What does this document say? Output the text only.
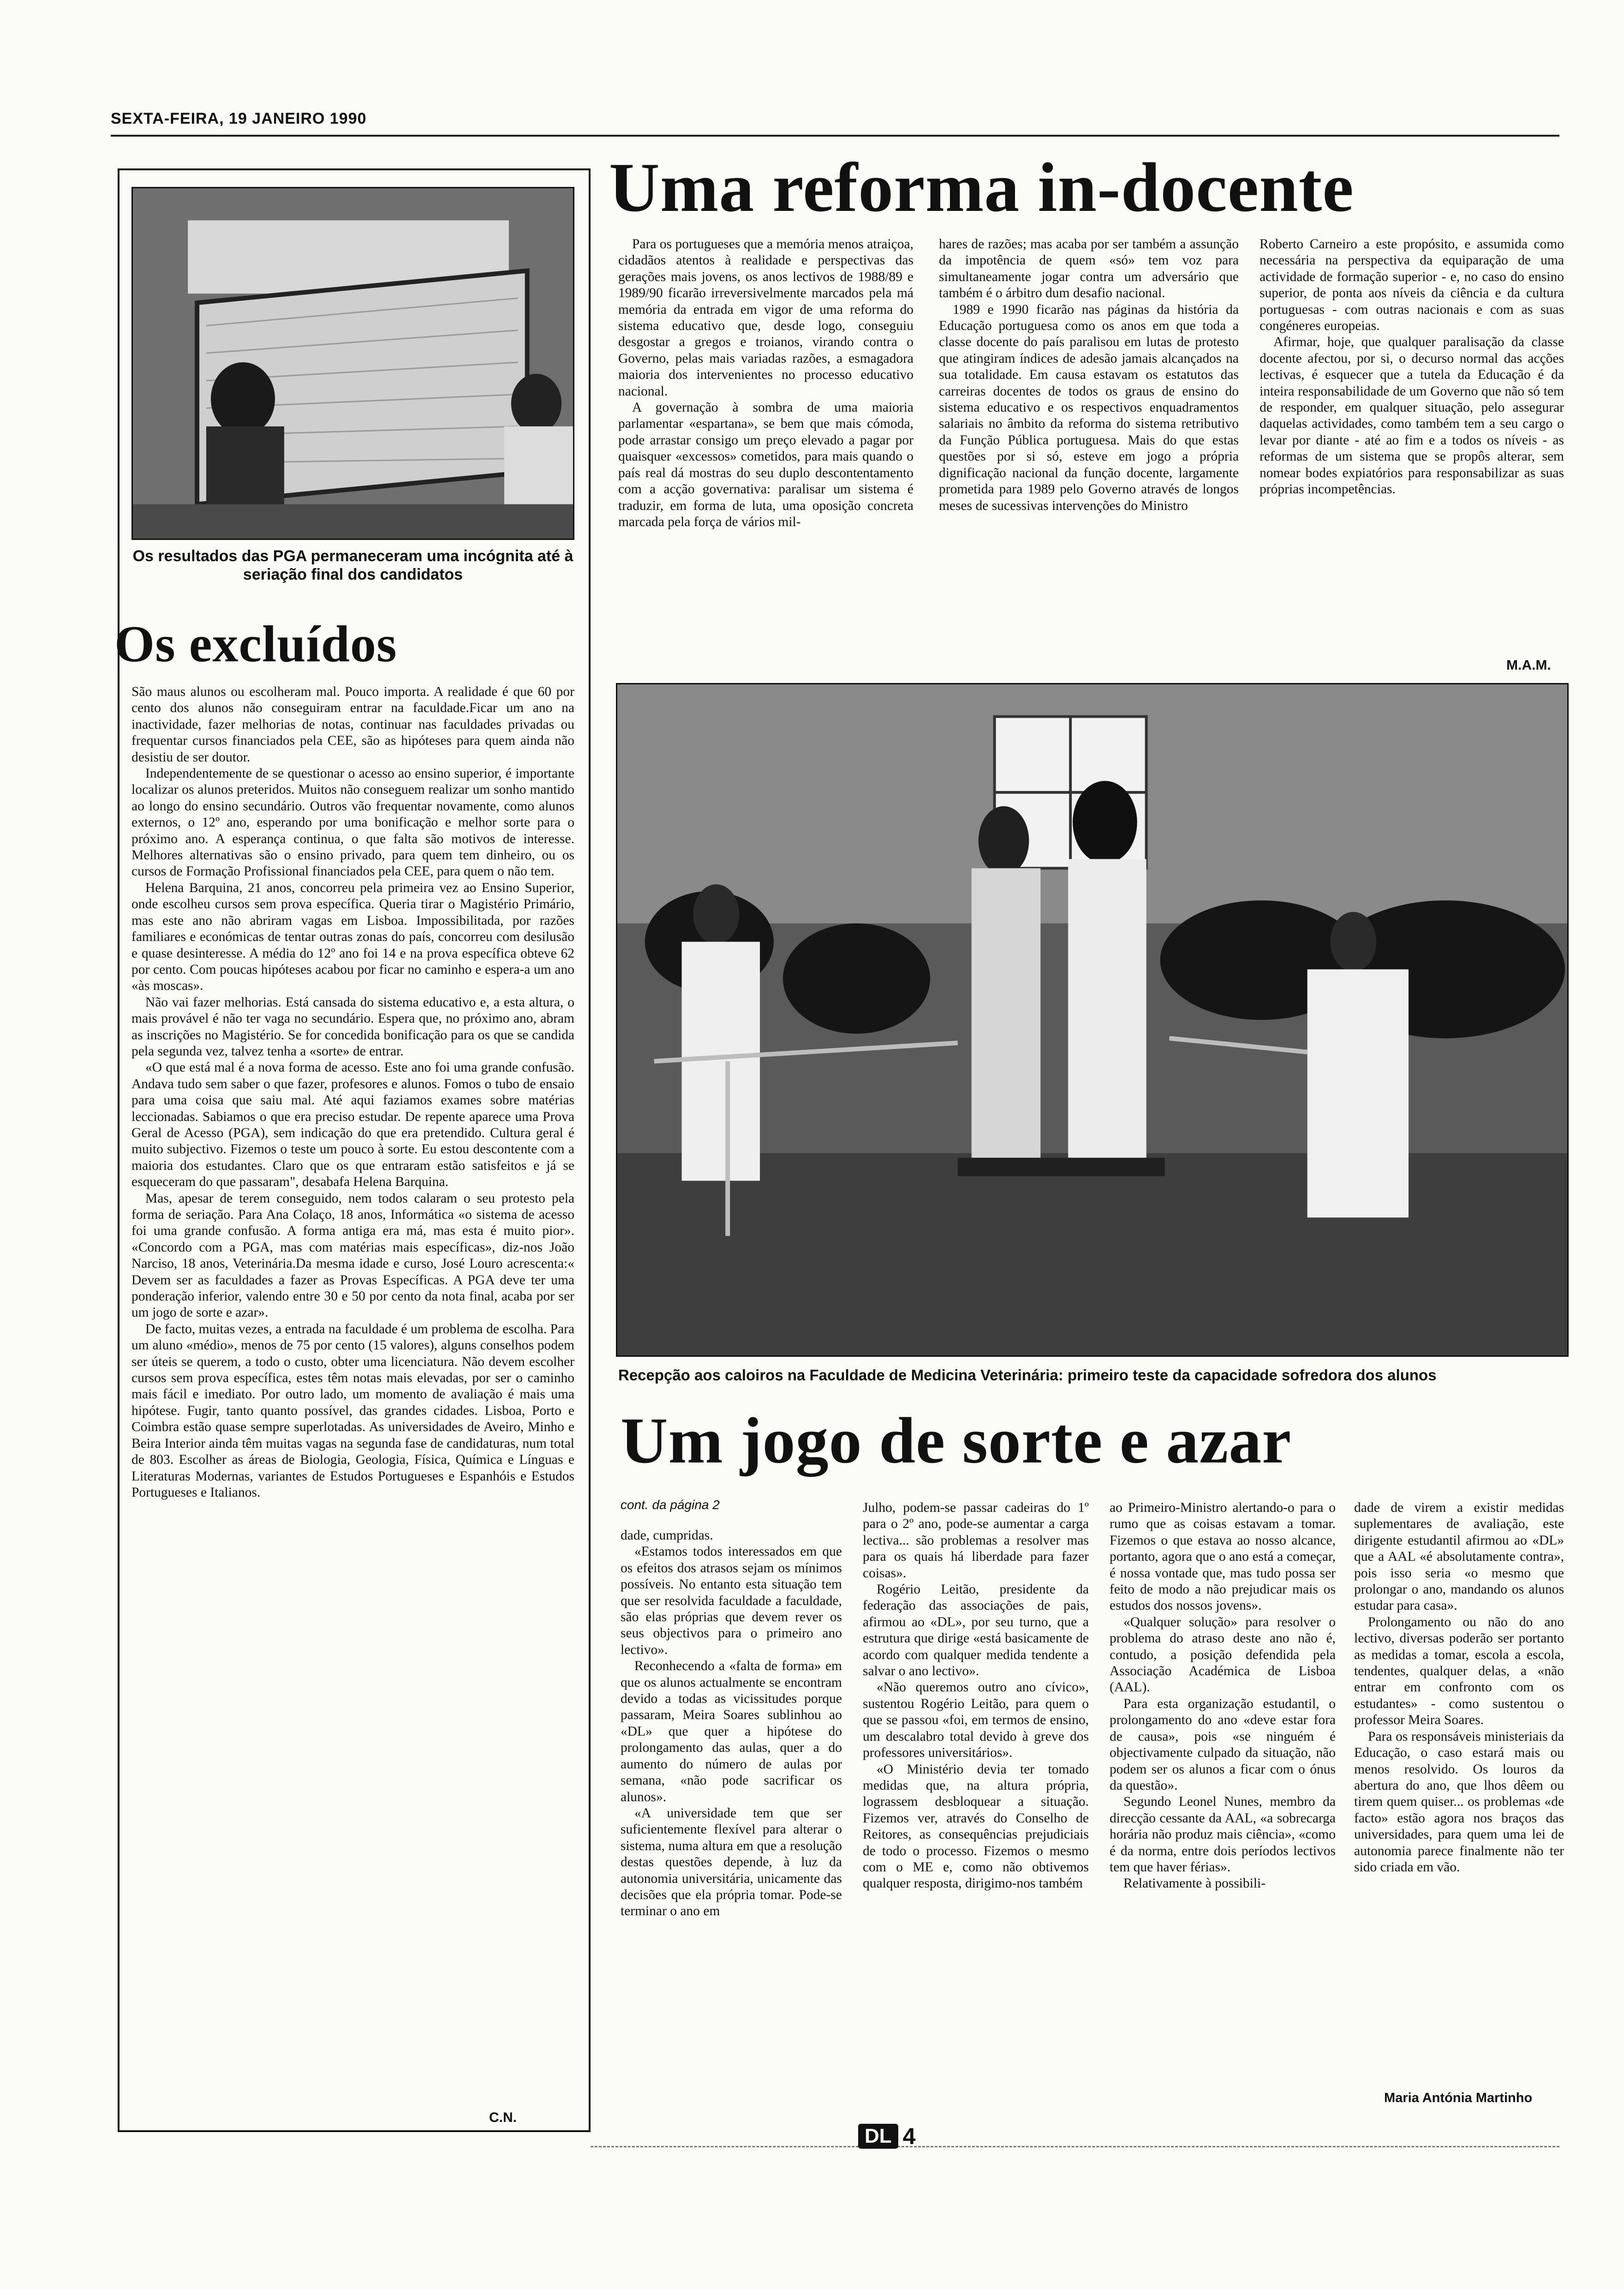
SEXTA-FEIRA, 19 JANEIRO 1990
Os resultados das PGA permaneceram uma incógnita até à seriação final dos candidatos
Os excluídos

São maus alunos ou escolheram mal. Pouco importa. A realidade é que 60 por cento dos alunos não conseguiram entrar na faculdade.Ficar um ano na inactividade, fazer melhorias de notas, continuar nas faculdades privadas ou frequentar cursos financiados pela CEE, são as hipóteses para quem ainda não desistiu de ser doutor.

Independentemente de se questionar o acesso ao ensino superior, é importante localizar os alunos preteridos. Muitos não conseguem realizar um sonho mantido ao longo do ensino secundário. Outros vão frequentar novamente, como alunos externos, o 12º ano, esperando por uma bonificação e melhor sorte para o próximo ano. A esperança continua, o que falta são motivos de interesse. Melhores alternativas são o ensino privado, para quem tem dinheiro, ou os cursos de Formação Profissional financiados pela CEE, para quem o não tem.

Helena Barquina, 21 anos, concorreu pela primeira vez ao Ensino Superior, onde escolheu cursos sem prova específica. Queria tirar o Magistério Primário, mas este ano não abriram vagas em Lisboa. Impossibilitada, por razões familiares e económicas de tentar outras zonas do país, concorreu com desilusão e quase desinteresse. A média do 12º ano foi 14 e na prova específica obteve 62 por cento. Com poucas hipóteses acabou por ficar no caminho e espera-a um ano «às moscas».

Não vai fazer melhorias. Está cansada do sistema educativo e, a esta altura, o mais provável é não ter vaga no secundário. Espera que, no próximo ano, abram as inscrições no Magistério. Se for concedida bonificação para os que se candida pela segunda vez, talvez tenha a «sorte» de entrar.

«O que está mal é a nova forma de acesso. Este ano foi uma grande confusão. Andava tudo sem saber o que fazer, profesores e alunos. Fomos o tubo de ensaio para uma coisa que saiu mal. Até aqui faziamos exames sobre matérias leccionadas. Sabiamos o que era preciso estudar. De repente aparece uma Prova Geral de Acesso (PGA), sem indicação do que era pretendido. Cultura geral é muito subjectivo. Fizemos o teste um pouco à sorte. Eu estou descontente com a maioria dos estudantes. Claro que os que entraram estão satisfeitos e já se esqueceram do que passaram", desabafa Helena Barquina.

Mas, apesar de terem conseguido, nem todos calaram o seu protesto pela forma de seriação. Para Ana Colaço, 18 anos, Informática «o sistema de acesso foi uma grande confusão. A forma antiga era má, mas esta é muito pior». «Concordo com a PGA, mas com matérias mais específicas», diz-nos João Narciso, 18 anos, Veterinária.Da mesma idade e curso, José Louro acrescenta:« Devem ser as faculdades a fazer as Provas Específicas. A PGA deve ter uma ponderação inferior, valendo entre 30 e 50 por cento da nota final, acaba por ser um jogo de sorte e azar».

De facto, muitas vezes, a entrada na faculdade é um problema de escolha. Para um aluno «médio», menos de 75 por cento (15 valores), alguns conselhos podem ser úteis se querem, a todo o custo, obter uma licenciatura. Não devem escolher cursos sem prova específica, estes têm notas mais elevadas, por ser o caminho mais fácil e imediato. Por outro lado, um momento de avaliação é mais uma hipótese. Fugir, tanto quanto possível, das grandes cidades. Lisboa, Porto e Coimbra estão quase sempre superlotadas. As universidades de Aveiro, Minho e Beira Interior ainda têm muitas vagas na segunda fase de candidaturas, num total de 803. Escolher as áreas de Biologia, Geologia, Física, Química e Línguas e Literaturas Modernas, variantes de Estudos Portugueses e Espanhóis e Estudos Portugueses e Italianos.

C.N.
Uma reforma in-docente

Para os portugueses que a memória menos atraiçoa, cidadãos atentos à realidade e perspectivas das gerações mais jovens, os anos lectivos de 1988/89 e 1989/90 ficarão irreversivelmente marcados pela má memória da entrada em vigor de uma reforma do sistema educativo que, desde logo, conseguiu desgostar a gregos e troianos, virando contra o Governo, pelas mais variadas razões, a esmagadora maioria dos intervenientes no processo educativo nacional.

A governação à sombra de uma maioria parlamentar «espartana», se bem que mais cómoda, pode arrastar consigo um preço elevado a pagar por quaisquer «excessos» cometidos, para mais quando o país real dá mostras do seu duplo descontentamento com a acção governativa: paralisar um sistema é traduzir, em forma de luta, uma oposição concreta marcada pela força de vários mil-

hares de razões; mas acaba por ser também a assunção da impotência de quem «só» tem voz para simultaneamente jogar contra um adversário que também é o árbitro dum desafio nacional.

1989 e 1990 ficarão nas páginas da história da Educação portuguesa como os anos em que toda a classe docente do país paralisou em lutas de protesto que atingiram índices de adesão jamais alcançados na sua totalidade. Em causa estavam os estatutos das carreiras docentes de todos os graus de ensino do sistema educativo e os respectivos enquadramentos salariais no âmbito da reforma do sistema retributivo da Função Pública portuguesa. Mais do que estas questões por si só, esteve em jogo a própria dignificação nacional da função docente, largamente prometida para 1989 pelo Governo através de longos meses de sucessivas intervenções do Ministro

Roberto Carneiro a este propósito, e assumida como necessária na perspectiva da equiparação de uma actividade de formação superior - e, no caso do ensino superior, de ponta aos níveis da ciência e da cultura portuguesas - com outras nacionais e com as suas congéneres europeias.

Afirmar, hoje, que qualquer paralisação da classe docente afectou, por si, o decurso normal das acções lectivas, é esquecer que a tutela da Educação é da inteira responsabilidade de um Governo que não só tem de responder, em qualquer situação, pelo assegurar daquelas actividades, como também tem a seu cargo o levar por diante - até ao fim e a todos os níveis - as reformas de um sistema que se propôs alterar, sem nomear bodes expiatórios para responsabilizar as suas próprias incompetências.

M.A.M.
Recepção aos caloiros na Faculdade de Medicina Veterinária: primeiro teste da capacidade sofredora dos alunos
Um jogo de sorte e azar
cont. da página 2

dade, cumpridas.

«Estamos todos interessados em que os efeitos dos atrasos sejam os mínimos possíveis. No entanto esta situação tem que ser resolvida faculdade a faculdade, são elas próprias que devem rever os seus objectivos para o primeiro ano lectivo».

Reconhecendo a «falta de forma» em que os alunos actualmente se encontram devido a todas as vicissitudes porque passaram, Meira Soares sublinhou ao «DL» que quer a hipótese do prolongamento das aulas, quer a do aumento do número de aulas por semana, «não pode sacrificar os alunos».

«A universidade tem que ser suficientemente flexível para alterar o sistema, numa altura em que a resolução destas questões depende, à luz da autonomia universitária, unicamente das decisões que ela própria tomar. Pode-se terminar o ano em

Julho, podem-se passar cadeiras do 1º para o 2º ano, pode-se aumentar a carga lectiva... são problemas a resolver mas para os quais há liberdade para fazer coisas».

Rogério Leitão, presidente da federação das associações de pais, afirmou ao «DL», por seu turno, que a estrutura que dirige «está basicamente de acordo com qualquer medida tendente a salvar o ano lectivo».

«Não queremos outro ano cívico», sustentou Rogério Leitão, para quem o que se passou «foi, em termos de ensino, um descalabro total devido à greve dos professores universitários».

«O Ministério devia ter tomado medidas que, na altura própria, lograssem desbloquear a situação. Fizemos ver, através do Conselho de Reitores, as consequências prejudiciais de todo o processo. Fizemos o mesmo com o ME e, como não obtivemos qualquer resposta, dirigimo-nos também

ao Primeiro-Ministro alertando-o para o rumo que as coisas estavam a tomar. Fizemos o que estava ao nosso alcance, portanto, agora que o ano está a começar, é nossa vontade que, mas tudo possa ser feito de modo a não prejudicar mais os estudos dos nossos jovens».

«Qualquer solução» para resolver o problema do atraso deste ano não é, contudo, a posição defendida pela Associação Académica de Lisboa (AAL).

Para esta organização estudantil, o prolongamento do ano «deve estar fora de causa», pois «se ninguém é objectivamente culpado da situação, não podem ser os alunos a ficar com o ónus da questão».

Segundo Leonel Nunes, membro da direcção cessante da AAL, «a sobrecarga horária não produz mais ciência», «como é da norma, entre dois períodos lectivos tem que haver férias».

Relativamente à possibili-

dade de virem a existir medidas suplementares de avaliação, este dirigente estudantil afirmou ao «DL» que a AAL «é absolutamente contra», pois isso seria «o mesmo que prolongar o ano, mandando os alunos estudar para casa».

Prolongamento ou não do ano lectivo, diversas poderão ser portanto as medidas a tomar, escola a escola, tendentes, qualquer delas, a «não entrar em confronto com os estudantes» - como sustentou o professor Meira Soares.

Para os responsáveis ministeriais da Educação, o caso estará mais ou menos resolvido. Os louros da abertura do ano, que lhos dêem ou tirem quem quiser... os problemas «de facto» estão agora nos braços das universidades, para quem uma lei de autonomia parece finalmente não ter sido criada em vão.

Maria Antónia Martinho
DL 4
